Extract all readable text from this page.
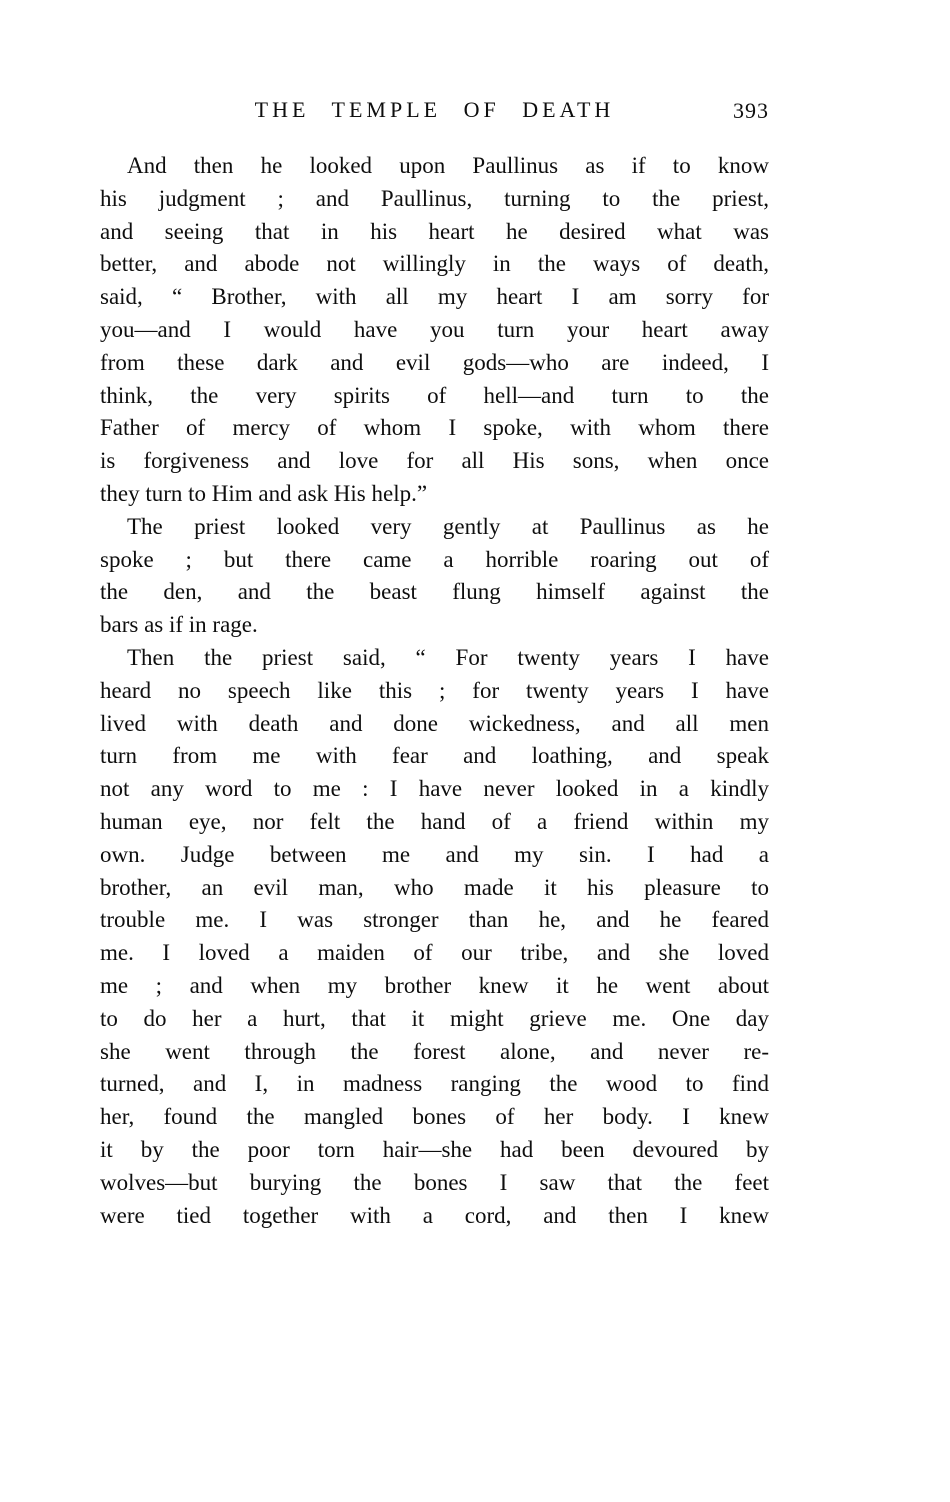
THE TEMPLE OF DEATH	393
And then he looked upon Paullinus as if to know
his judgment ; and Paullinus, turning to the priest,
and seeing that in his heart he desired what was
better, and abode not willingly in the ways of death,
said, “ Brother, with all my heart I am sorry for
you—and I would have you turn your heart away
from these dark and evil gods—who are indeed, I
think, the very spirits of hell—and turn to the
Father of mercy of whom I spoke, with whom there
is forgiveness and love for all His sons, when once
they turn to Him and ask His help.”
The priest looked very gently at Paullinus as he
spoke ; but there came a horrible roaring out of
the den, and the beast flung himself against the
bars as if in rage.
Then the priest said, “ For twenty years I have
heard no speech like this ; for twenty years I have
lived with death and done wickedness, and all men
turn from me with fear and loathing, and speak
not any word to me : I have never looked in a kindly
human eye, nor felt the hand of a friend within my
own. Judge between me and my sin. I had a
brother, an evil man, who made it his pleasure to
trouble me. I was stronger than he, and he feared
me. I loved a maiden of our tribe, and she loved
me ; and when my brother knew it he went about
to do her a hurt, that it might grieve me. One day
she went through the forest alone, and never re-
turned, and I, in madness ranging the wood to find
her, found the mangled bones of her body. I knew
it by the poor torn hair—she had been devoured by
wolves—but burying the bones I saw that the feet
were tied together with a cord, and then I knew
